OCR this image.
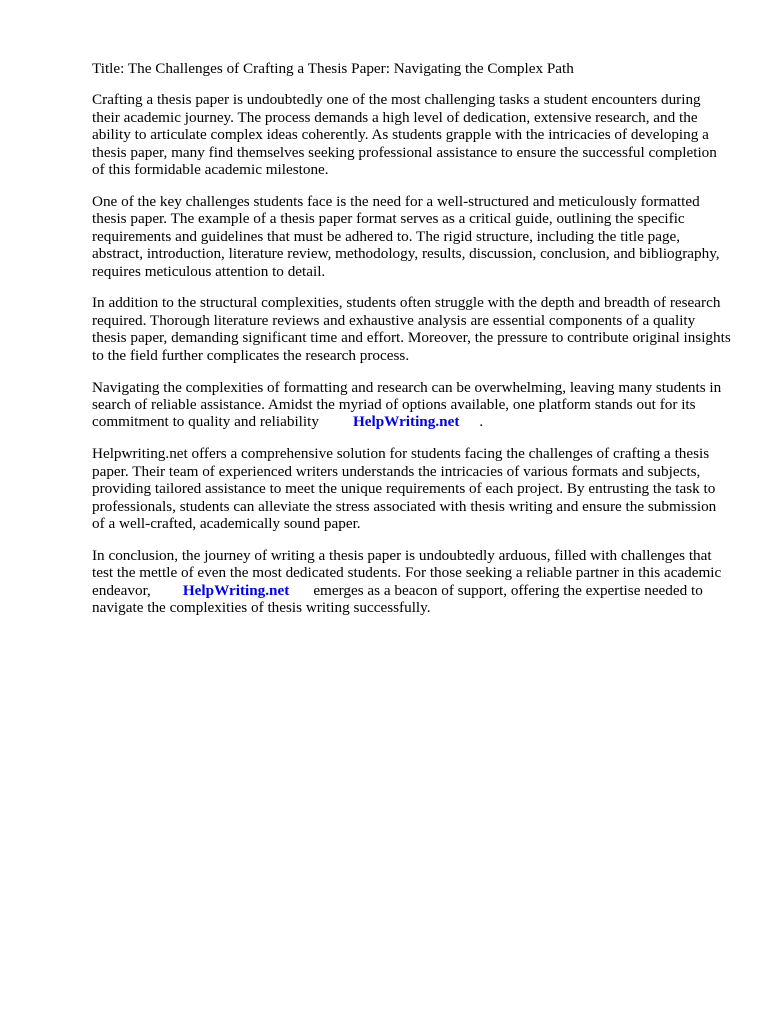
Title: The Challenges of Crafting a Thesis Paper: Navigating the Complex Path

Crafting a thesis paper is undoubtedly one of the most challenging tasks a student encounters during their academic journey. The process demands a high level of dedication, extensive research, and the ability to articulate complex ideas coherently. As students grapple with the intricacies of developing a thesis paper, many find themselves seeking professional assistance to ensure the successful completion of this formidable academic milestone.

One of the key challenges students face is the need for a well-structured and meticulously formatted thesis paper. The example of a thesis paper format serves as a critical guide, outlining the specific requirements and guidelines that must be adhered to. The rigid structure, including the title page, abstract, introduction, literature review, methodology, results, discussion, conclusion, and bibliography, requires meticulous attention to detail.

In addition to the structural complexities, students often struggle with the depth and breadth of research required. Thorough literature reviews and exhaustive analysis are essential components of a quality thesis paper, demanding significant time and effort. Moreover, the pressure to contribute original insights to the field further complicates the research process.

Navigating the complexities of formatting and research can be overwhelming, leaving many students in search of reliable assistance. Amidst the myriad of options available, one platform stands out for its commitment to quality and reliability HelpWriting.net .

Helpwriting.net offers a comprehensive solution for students facing the challenges of crafting a thesis paper. Their team of experienced writers understands the intricacies of various formats and subjects, providing tailored assistance to meet the unique requirements of each project. By entrusting the task to professionals, students can alleviate the stress associated with thesis writing and ensure the submission of a well-crafted, academically sound paper.

In conclusion, the journey of writing a thesis paper is undoubtedly arduous, filled with challenges that test the mettle of even the most dedicated students. For those seeking a reliable partner in this academic endeavor, HelpWriting.net emerges as a beacon of support, offering the expertise needed to navigate the complexities of thesis writing successfully.
